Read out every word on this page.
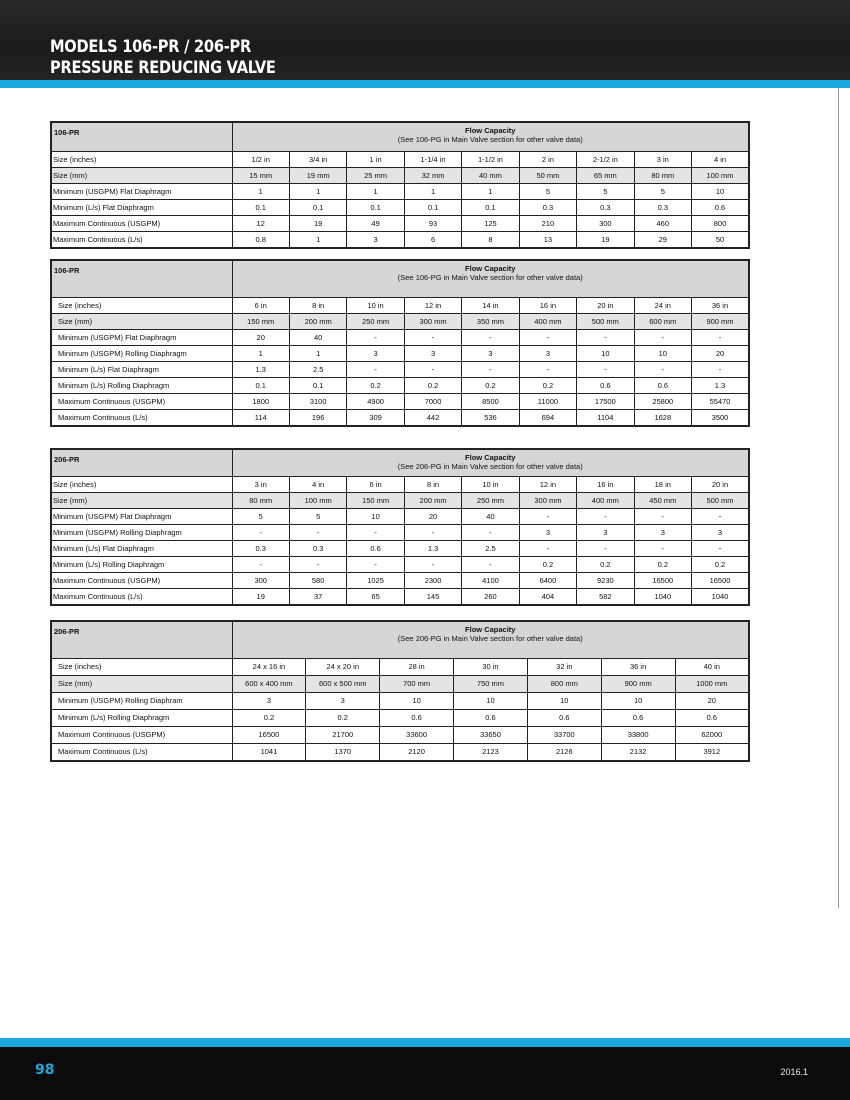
MODELS 106-PR / 206-PR
PRESSURE REDUCING VALVE
106-PR	Flow Capacity
(See 106-PG in Main Valve section for other valve data)								
Size (inches)	1/2 in	3/4 in	1 in	1-1/4 in	1-1/2 in	2 in	2-1/2 in	3 in	4 in
Size (mm)	15 mm	19 mm	25 mm	32 mm	40 mm	50 mm	65 mm	80 mm	100 mm
Minimum (USGPM) Flat Diaphragm	1	1	1	1	1	5	5	5	10
Minimum (L/s) Flat Diaphragm	0.1	0.1	0.1	0.1	0.1	0.3	0.3	0.3	0.6
Maximum Continuous (USGPM)	12	19	49	93	125	210	300	460	800
Maximum Continuous (L/s)	0.8	1	3	6	8	13	19	29	50
106-PR	Flow Capacity
(See 106-PG in Main Valve section for other valve data)								
Size (inches)	6 in	8 in	10 in	12 in	14 in	16 in	20 in	24 in	36 in
Size (mm)	150 mm	200 mm	250 mm	300 mm	350 mm	400 mm	500 mm	600 mm	900 mm
Minimum (USGPM) Flat Diaphragm	20	40	-	-	-	-	-	-	-
Minimum (USGPM) Rolling Diaphragm	1	1	3	3	3	3	10	10	20
Minimum (L/s) Flat Diaphragm	1.3	2.5	-	-	-	-	-	-	-
Minimum (L/s) Rolling Diaphragm	0.1	0.1	0.2	0.2	0.2	0.2	0.6	0.6	1.3
Maximum Continuous (USGPM)	1800	3100	4900	7000	8500	11000	17500	25800	55470
Maximum Continuous (L/s)	114	196	309	442	536	694	1104	1628	3500
206-PR	Flow Capacity
(See 206-PG in Main Valve section for other valve data)								
Size (inches)	3 in	4 in	6 in	8 in	10 in	12 in	16 in	18 in	20 in
Size (mm)	80 mm	100 mm	150 mm	200 mm	250 mm	300 mm	400 mm	450 mm	500 mm
Minimum (USGPM) Flat Diaphragm	5	5	10	20	40	-	-	-	-
Minimum (USGPM) Rolling Diaphragm	-	-	-	-	-	3	3	3	3
Minimum (L/s) Flat Diaphragm	0.3	0.3	0.6	1.3	2.5	-	-	-	-
Minimum (L/s) Rolling Diaphragm	-	-	-	-	-	0.2	0.2	0.2	0.2
Maximum Continuous (USGPM)	300	580	1025	2300	4100	6400	9230	16500	16500
Maximum Continuous (L/s)	19	37	65	145	260	404	582	1040	1040
206-PR	Flow Capacity
(See 206-PG in Main Valve section for other valve data)						
Size (inches)	24 x 16 in	24 x 20 in	28 in	30 in	32 in	36 in	40 in
Size (mm)	600 x 400 mm	600 x 500 mm	700 mm	750 mm	800 mm	900 mm	1000 mm
Minimum (USGPM) Rolling Diaphram	3	3	10	10	10	10	20
Minimum (L/s) Rolling Diaphragm	0.2	0.2	0.6	0.6	0.6	0.6	0.6
Maximum Continuous (USGPM)	16500	21700	33600	33650	33700	33800	62000
Maximum Continuous (L/s)	1041	1370	2120	2123	2126	2132	3912
98	2016.1
